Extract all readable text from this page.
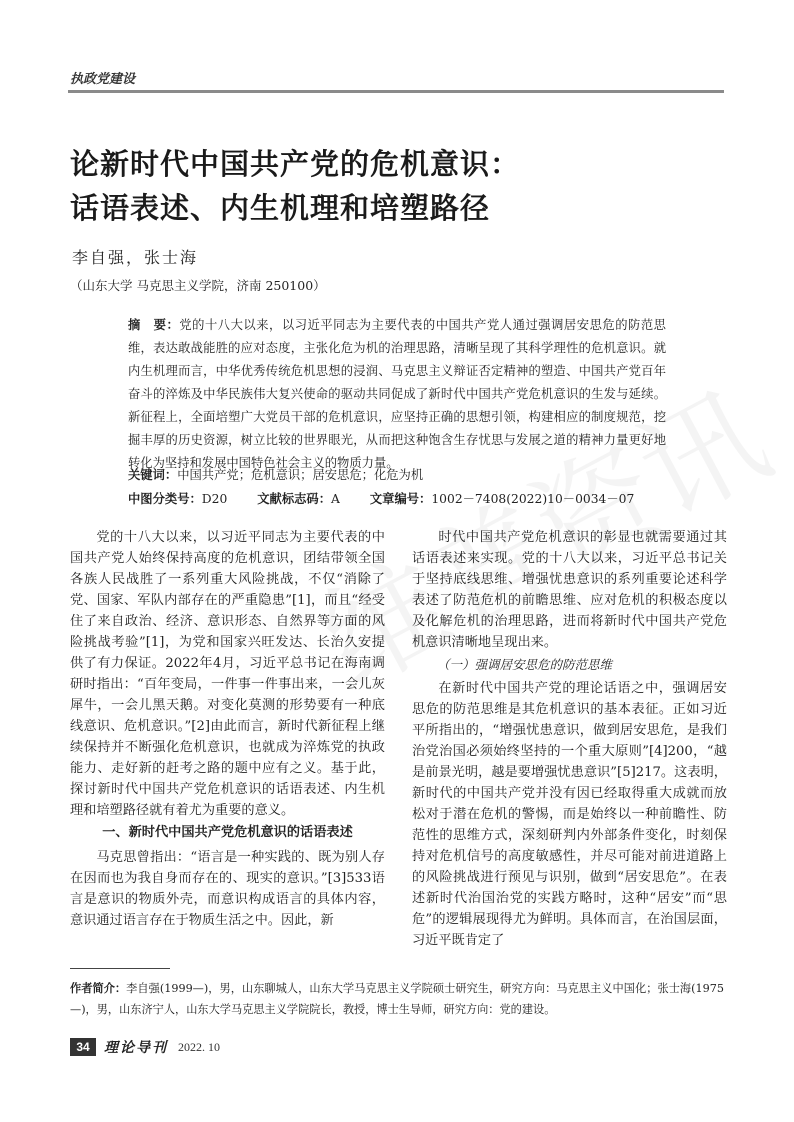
执政党建设
论新时代中国共产党的危机意识：
话语表述、内生机理和培塑路径
李自强，张士海
（山东大学 马克思主义学院，济南 250100）
摘　要：党的十八大以来，以习近平同志为主要代表的中国共产党人通过强调居安思危的防范思维，表达敢战能胜的应对态度，主张化危为机的治理思路，清晰呈现了其科学理性的危机意识。就内生机理而言，中华优秀传统危机思想的浸润、马克思主义辩证否定精神的塑造、中国共产党百年奋斗的淬炼及中华民族伟大复兴使命的驱动共同促成了新时代中国共产党危机意识的生发与延续。新征程上，全面培塑广大党员干部的危机意识，应坚持正确的思想引领，构建相应的制度规范，挖掘丰厚的历史资源，树立比较的世界眼光，从而把这种饱含生存忧思与发展之道的精神力量更好地转化为坚持和发展中国特色社会主义的物质力量。
关键词：中国共产党；危机意识；居安思危；化危为机
中图分类号：D20 文献标志码：A 文章编号：1002－7408(2022)10－0034－07

党的十八大以来，以习近平同志为主要代表的中国共产党人始终保持高度的危机意识，团结带领全国各族人民战胜了一系列重大风险挑战，不仅“消除了党、国家、军队内部存在的严重隐患”[1]，而且“经受住了来自政治、经济、意识形态、自然界等方面的风险挑战考验”[1]，为党和国家兴旺发达、长治久安提供了有力保证。2022年4月，习近平总书记在海南调研时指出：“百年变局，一件事一件事出来，一会儿灰犀牛，一会儿黑天鹅。对变化莫测的形势要有一种底线意识、危机意识。”[2]由此而言，新时代新征程上继续保持并不断强化危机意识，也就成为淬炼党的执政能力、走好新的赶考之路的题中应有之义。基于此，探讨新时代中国共产党危机意识的话语表述、内生机理和培塑路径就有着尤为重要的意义。

一、新时代中国共产党危机意识的话语表述

马克思曾指出：“语言是一种实践的、既为别人存在因而也为我自身而存在的、现实的意识。”[3]533语言是意识的物质外壳，而意识构成语言的具体内容，意识通过语言存在于物质生活之中。因此，新

时代中国共产党危机意识的彰显也就需要通过其话语表述来实现。党的十八大以来，习近平总书记关于坚持底线思维、增强忧患意识的系列重要论述科学表述了防范危机的前瞻思维、应对危机的积极态度以及化解危机的治理思路，进而将新时代中国共产党危机意识清晰地呈现出来。

（一）强调居安思危的防范思维

在新时代中国共产党的理论话语之中，强调居安思危的防范思维是其危机意识的基本表征。正如习近平所指出的，“增强忧患意识，做到居安思危，是我们治党治国必须始终坚持的一个重大原则”[4]200，“越是前景光明，越是要增强忧患意识”[5]217。这表明，新时代的中国共产党并没有因已经取得重大成就而放松对于潜在危机的警惕，而是始终以一种前瞻性、防范性的思维方式，深刻研判内外部条件变化，时刻保持对危机信号的高度敏感性，并尽可能对前进道路上的风险挑战进行预见与识别，做到“居安思危”。在表述新时代治国治党的实践方略时，这种“居安”而“思危”的逻辑展现得尤为鲜明。具体而言，在治国层面，习近平既肯定了

作者简介：李自强(1999—)，男，山东聊城人，山东大学马克思主义学院硕士研究生，研究方向：马克思主义中国化；张士海(1975—)，男，山东济宁人，山东大学马克思主义学院院长，教授，博士生导师，研究方向：党的建设。
34	理论导刊 2022. 10
